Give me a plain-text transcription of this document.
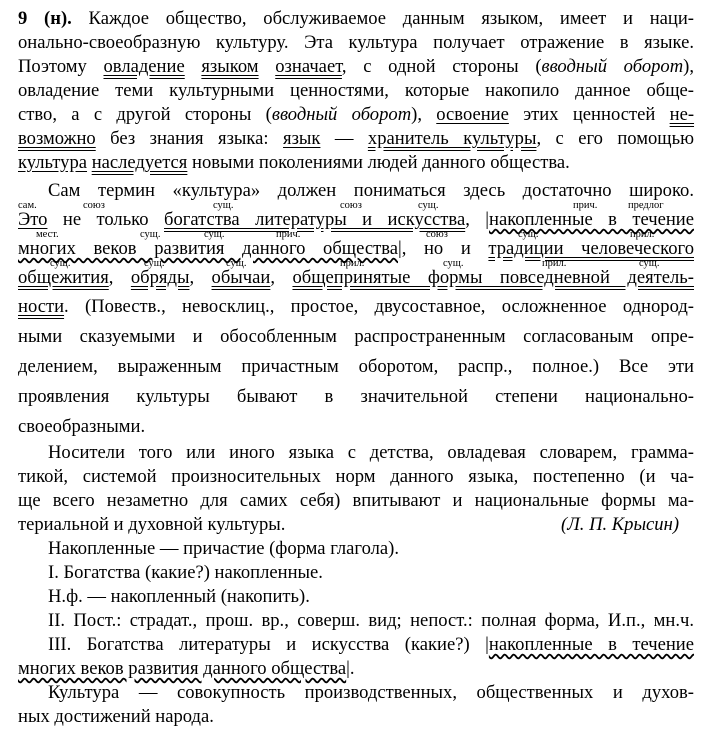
9 (н). Каждое общество, обслуживаемое данным языком, имеет и наци-
онально-своеобразную культуру. Эта культура получает отражение в языке.
Поэтому овладение языком означает, с одной стороны (вводный оборот),
овладение теми культурными ценностями, которые накопило данное обще-
ство, а с другой стороны (вводный оборот), освоение этих ценностей не-
возможно без знания языка: язык — хранитель культуры, с его помощью
культура наследуется новыми поколениями людей данного общества.
Сам термин «культура» должен пониматься здесь достаточно широко.
сам.	союз	сущ.	союз	сущ.	прич.	предлог
Это не только богатства литературы и искусства, |накопленные в течение
мест.	сущ.	сущ.	прич.	союз	сущ.	прил.
многих веков развития данного общества|, но и традиции человеческого
сущ.	сущ.	сущ.	прил.	сущ.	прил.	сущ.
общежития, обряды, обычаи, общепринятые формы повседневной деятель-
ности. (Повеств., невосклиц., простое, двусоставное, осложненное однород-
ными сказуемыми и обособленным распространенным согласованым опре-
делением, выраженным причастным оборотом, распр., полное.) Все эти
проявления культуры бывают в значительной степени национально-
своеобразными.
Носители того или иного языка с детства, овладевая словарем, грамма-
тикой, системой произносительных норм данного языка, постепенно (и ча-
ще всего незаметно для самих себя) впитывают и национальные формы ма-
териальной и духовной культуры.	(Л. П. Крысин)
Накопленные — причастие (форма глагола).
I. Богатства (какие?) накопленные.
Н.ф. — накопленный (накопить).
II. Пост.: страдат., прош. вр., соверш. вид; непост.: полная форма, И.п., мн.ч.
III. Богатства литературы и искусства (какие?) |накопленные в течение
многих веков развития данного общества|.
Культура — совокупность производственных, общественных и духов-
ных достижений народа.
